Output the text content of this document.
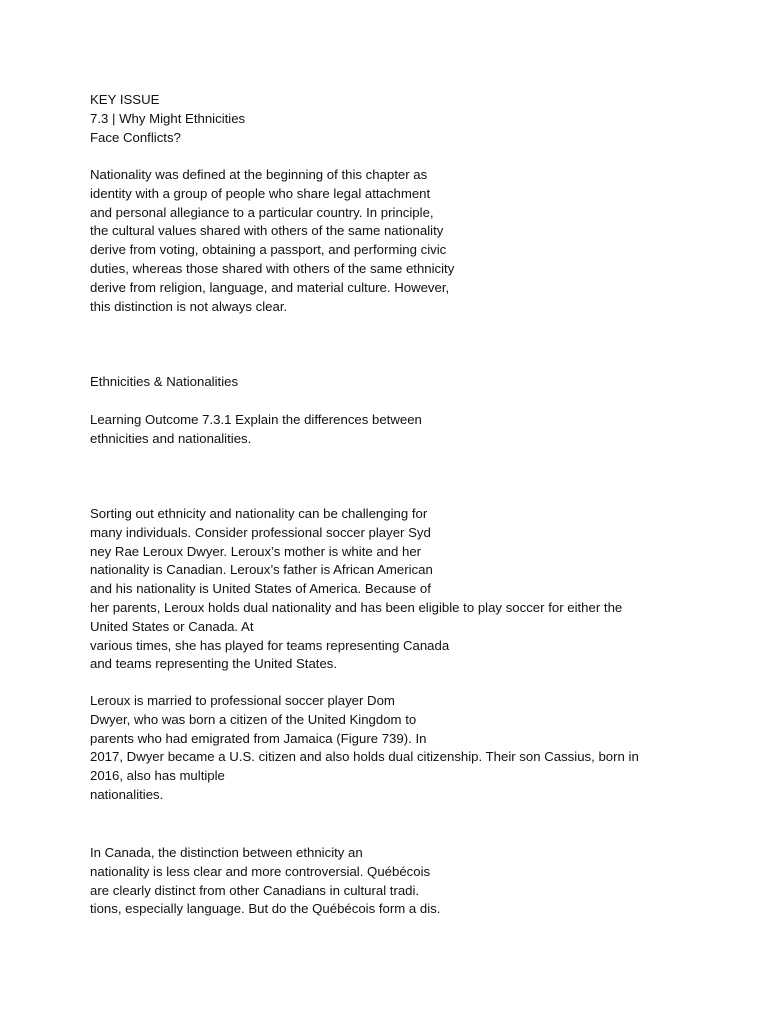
KEY ISSUE
7.3 | Why Might Ethnicities
Face Conflicts?
Nationality was defined at the beginning of this chapter as
identity with a group of people who share legal attachment
and personal allegiance to a particular country. In principle,
the cultural values shared with others of the same nationality
derive from voting, obtaining a passport, and performing civic
duties, whereas those shared with others of the same ethnicity
derive from religion, language, and material culture. However,
this distinction is not always clear.
Ethnicities & Nationalities
Learning Outcome 7.3.1 Explain the differences between
ethnicities and nationalities.
Sorting out ethnicity and nationality can be challenging for
many individuals. Consider professional soccer player Syd
ney Rae Leroux Dwyer. Leroux’s mother is white and her
nationality is Canadian. Leroux’s father is African American
and his nationality is United States of America. Because of
her parents, Leroux holds dual nationality and has been eligible to play soccer for either the
United States or Canada. At
various times, she has played for teams representing Canada
and teams representing the United States.
Leroux is married to professional soccer player Dom
Dwyer, who was born a citizen of the United Kingdom to
parents who had emigrated from Jamaica (Figure 739). In
2017, Dwyer became a U.S. citizen and also holds dual citizenship. Their son Cassius, born in
2016, also has multiple
nationalities.
In Canada, the distinction between ethnicity an
nationality is less clear and more controversial. Québécois
are clearly distinct from other Canadians in cultural tradi.
tions, especially language. But do the Québécois form a dis.
